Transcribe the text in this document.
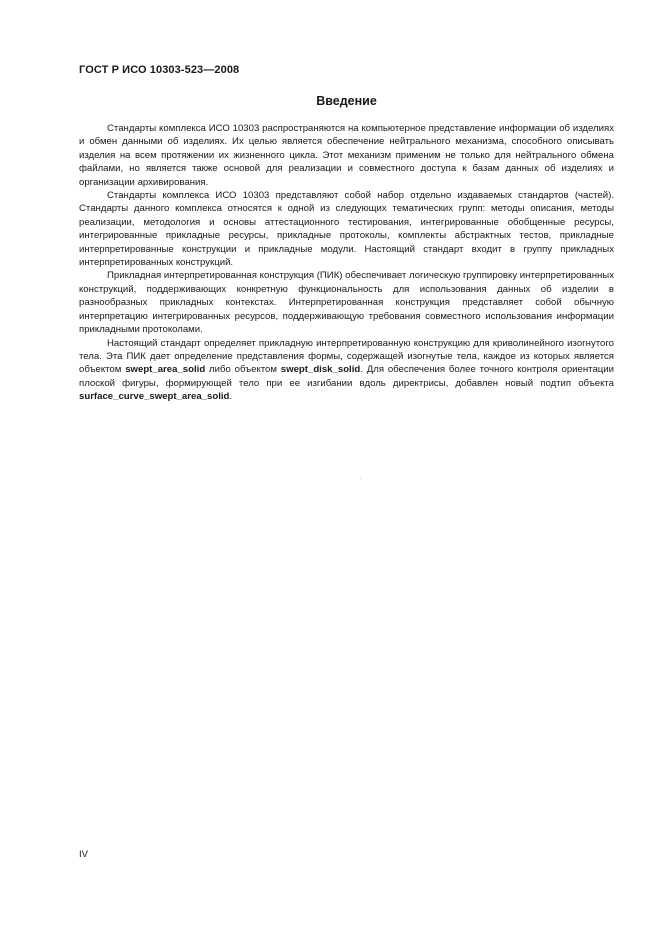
ГОСТ Р ИСО 10303-523—2008
Введение

Стандарты комплекса ИСО 10303 распространяются на компьютерное представление информации об изделиях и обмен данными об изделиях. Их целью является обеспечение нейтрального механизма, способного описывать изделия на всем протяжении их жизненного цикла. Этот механизм применим не только для нейтрального обмена файлами, но является также основой для реализации и совместного доступа к базам данных об изделиях и организации архивирования.

Стандарты комплекса ИСО 10303 представляют собой набор отдельно издаваемых стандартов (частей). Стандарты данного комплекса относятся к одной из следующих тематических групп: методы описания, методы реализации, методология и основы аттестационного тестирования, интегрированные обобщенные ресурсы, интегрированные прикладные ресурсы, прикладные протоколы, комплекты абстрактных тестов, прикладные интерпретированные конструкции и прикладные модули. Настоящий стандарт входит в группу прикладных интерпретированных конструкций.

Прикладная интерпретированная конструкция (ПИК) обеспечивает логическую группировку интерпретированных конструкций, поддерживающих конкретную функциональность для использования данных об изделии в разнообразных прикладных контекстах. Интерпретированная конструкция представляет собой обычную интерпретацию интегрированных ресурсов, поддерживающую требования совместного использования информации прикладными протоколами.

Настоящий стандарт определяет прикладную интерпретированную конструкцию для криволинейного изогнутого тела. Эта ПИК дает определение представления формы, содержащей изогнутые тела, каждое из которых является объектом swept_area_solid либо объектом swept_disk_solid. Для обеспечения более точного контроля ориентации плоской фигуры, формирующей тело при ее изгибании вдоль директрисы, добавлен новый подтип объекта surface_curve_swept_area_solid.

IV
